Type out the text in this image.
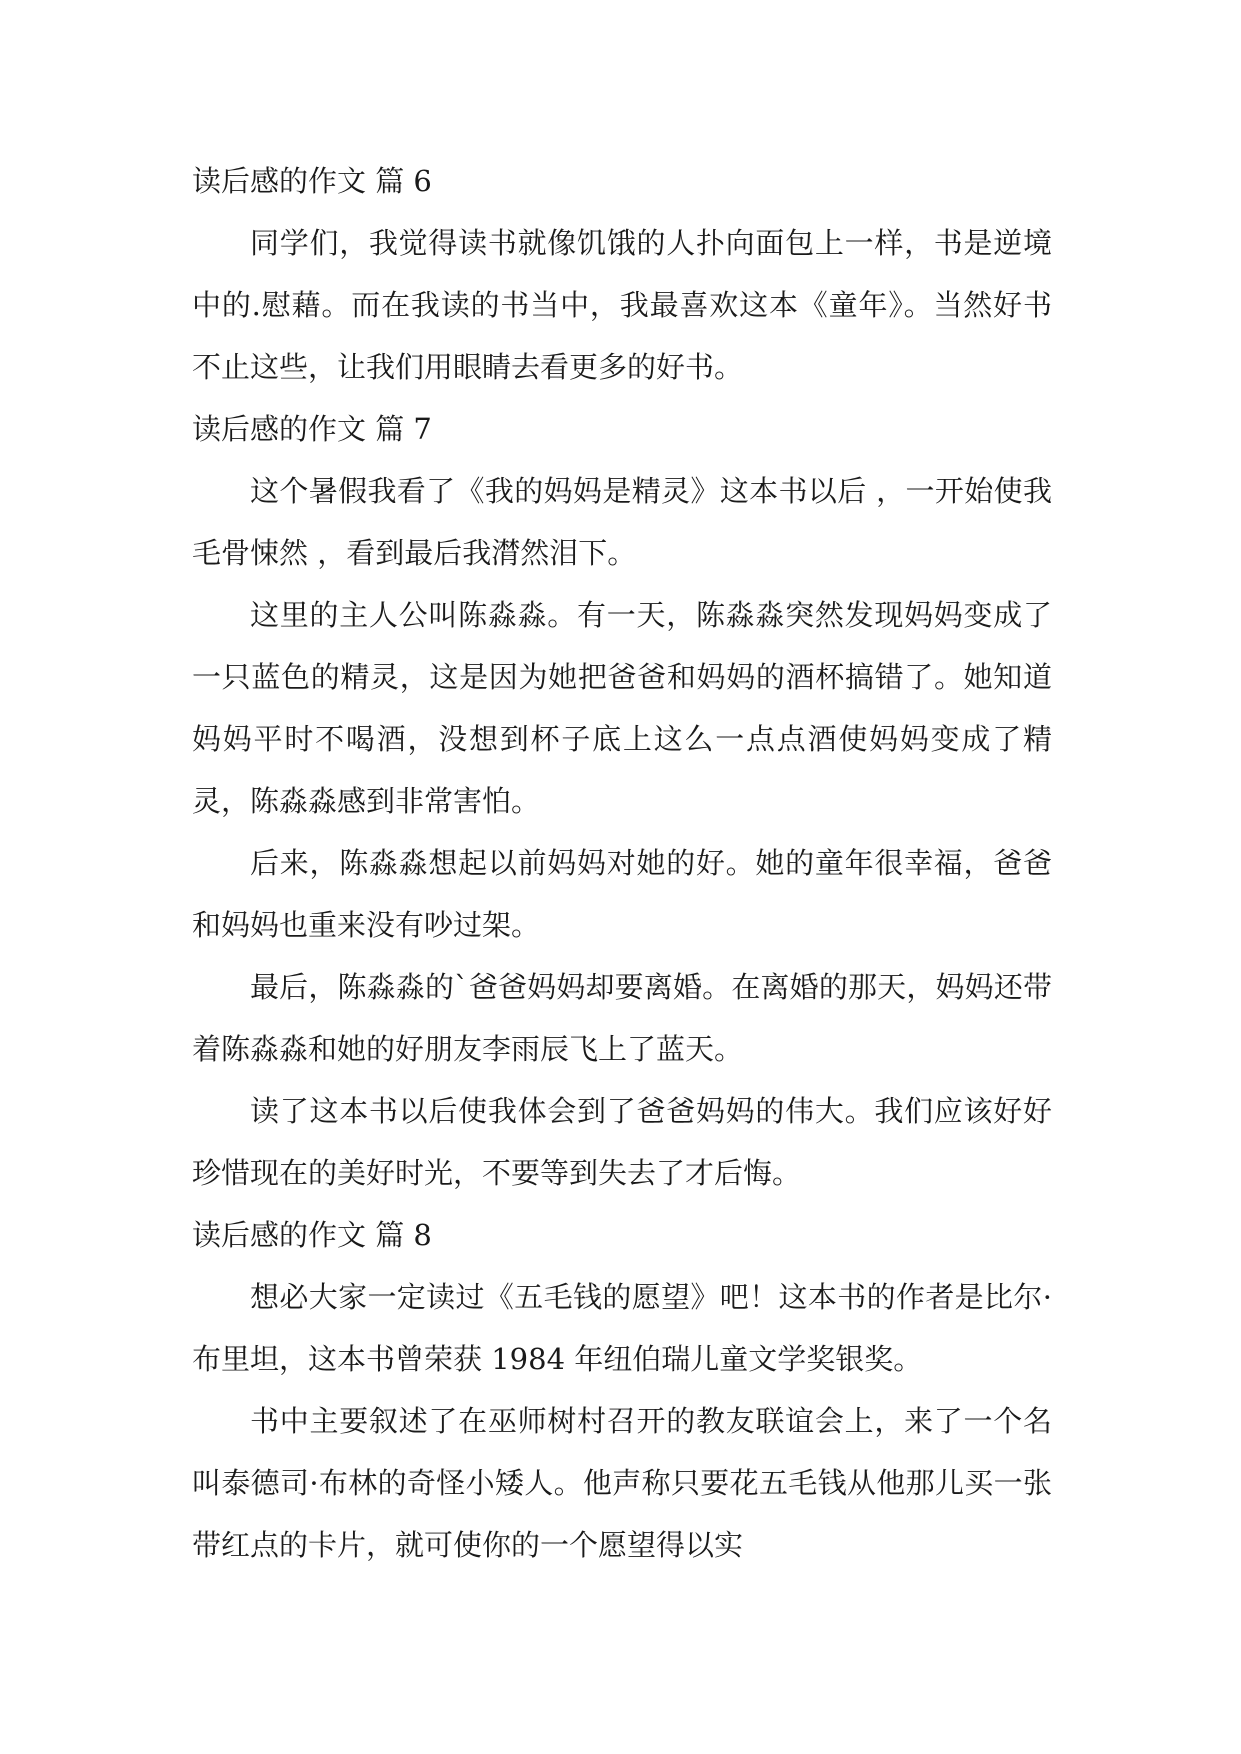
读后感的作文 篇 6

同学们，我觉得读书就像饥饿的人扑向面包上一样，书是逆境中的.慰藉。而在我读的书当中，我最喜欢这本《童年》。当然好书不止这些，让我们用眼睛去看更多的好书。

读后感的作文 篇 7

这个暑假我看了《我的妈妈是精灵》这本书以后 ，一开始使我毛骨悚然 ，看到最后我潸然泪下。

这里的主人公叫陈淼淼。有一天，陈淼淼突然发现妈妈变成了一只蓝色的精灵，这是因为她把爸爸和妈妈的酒杯搞错了。她知道妈妈平时不喝酒，没想到杯子底上这么一点点酒使妈妈变成了精灵，陈淼淼感到非常害怕。

后来，陈淼淼想起以前妈妈对她的好。她的童年很幸福，爸爸和妈妈也重来没有吵过架。

最后，陈淼淼的`爸爸妈妈却要离婚。在离婚的那天，妈妈还带着陈淼淼和她的好朋友李雨辰飞上了蓝天。

读了这本书以后使我体会到了爸爸妈妈的伟大。我们应该好好珍惜现在的美好时光，不要等到失去了才后悔。

读后感的作文 篇 8

想必大家一定读过《五毛钱的愿望》吧！这本书的作者是比尔·布里坦，这本书曾荣获 1984 年纽伯瑞儿童文学奖银奖。

书中主要叙述了在巫师树村召开的教友联谊会上，来了一个名叫泰德司·布林的奇怪小矮人。他声称只要花五毛钱从他那儿买一张带红点的卡片，就可使你的一个愿望得以实
